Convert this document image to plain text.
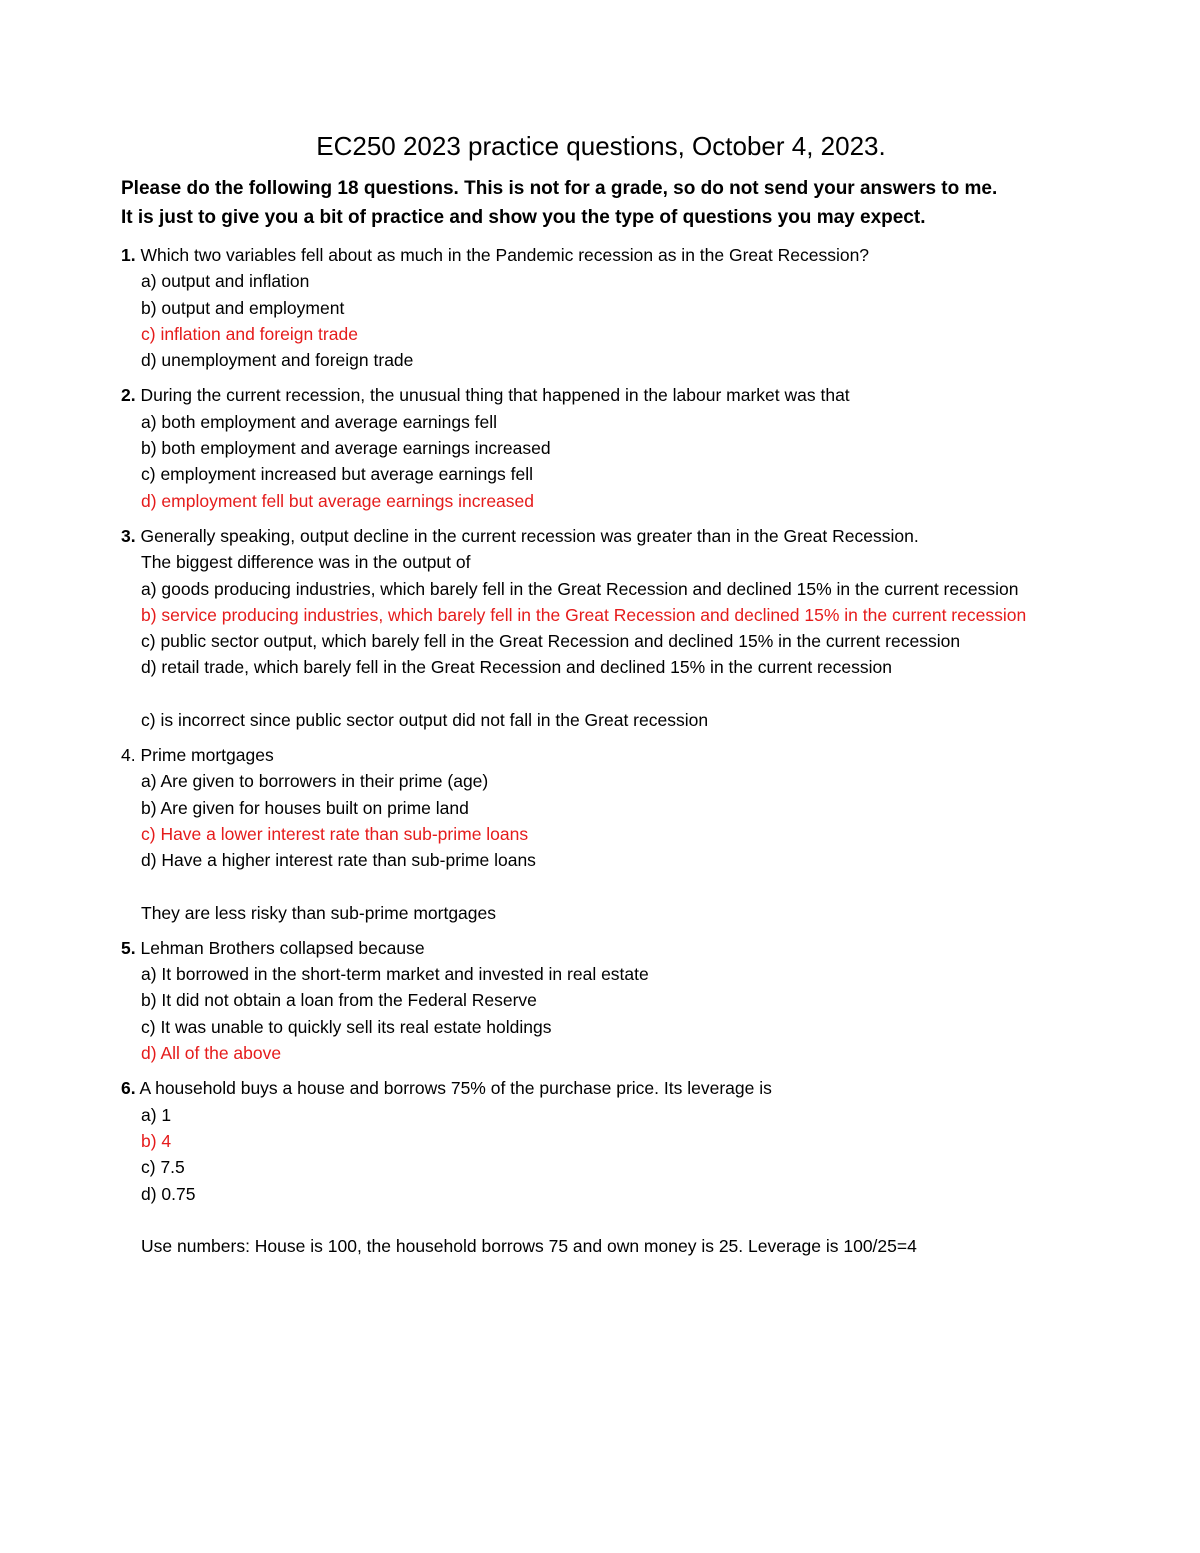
EC250 2023 practice questions, October 4, 2023.
Please do the following 18 questions. This is not for a grade, so do not send your answers to me.
It is just to give you a bit of practice and show you the type of questions you may expect.

1. Which two variables fell about as much in the Pandemic recession as in the Great Recession?

a) output and inflation

b) output and employment

c) inflation and foreign trade

d) unemployment and foreign trade

2. During the current recession, the unusual thing that happened in the labour market was that

a) both employment and average earnings fell

b) both employment and average earnings increased

c) employment increased but average earnings fell

d) employment fell but average earnings increased

3. Generally speaking, output decline in the current recession was greater than in the Great Recession.
The biggest difference was in the output of

a) goods producing industries, which barely fell in the Great Recession and declined 15% in the current recession

b) service producing industries, which barely fell in the Great Recession and declined 15% in the current recession

c) public sector output, which barely fell in the Great Recession and declined 15% in the current recession

d) retail trade, which barely fell in the Great Recession and declined 15% in the current recession

c) is incorrect since public sector output did not fall in the Great recession

4. Prime mortgages

a) Are given to borrowers in their prime (age)

b) Are given for houses built on prime land

c) Have a lower interest rate than sub-prime loans

d) Have a higher interest rate than sub-prime loans

They are less risky than sub-prime mortgages

5. Lehman Brothers collapsed because

a) It borrowed in the short-term market and invested in real estate

b) It did not obtain a loan from the Federal Reserve

c) It was unable to quickly sell its real estate holdings

d) All of the above

6. A household buys a house and borrows 75% of the purchase price. Its leverage is

a) 1

b) 4

c) 7.5

d) 0.75

Use numbers: House is 100, the household borrows 75 and own money is 25. Leverage is 100/25=4
